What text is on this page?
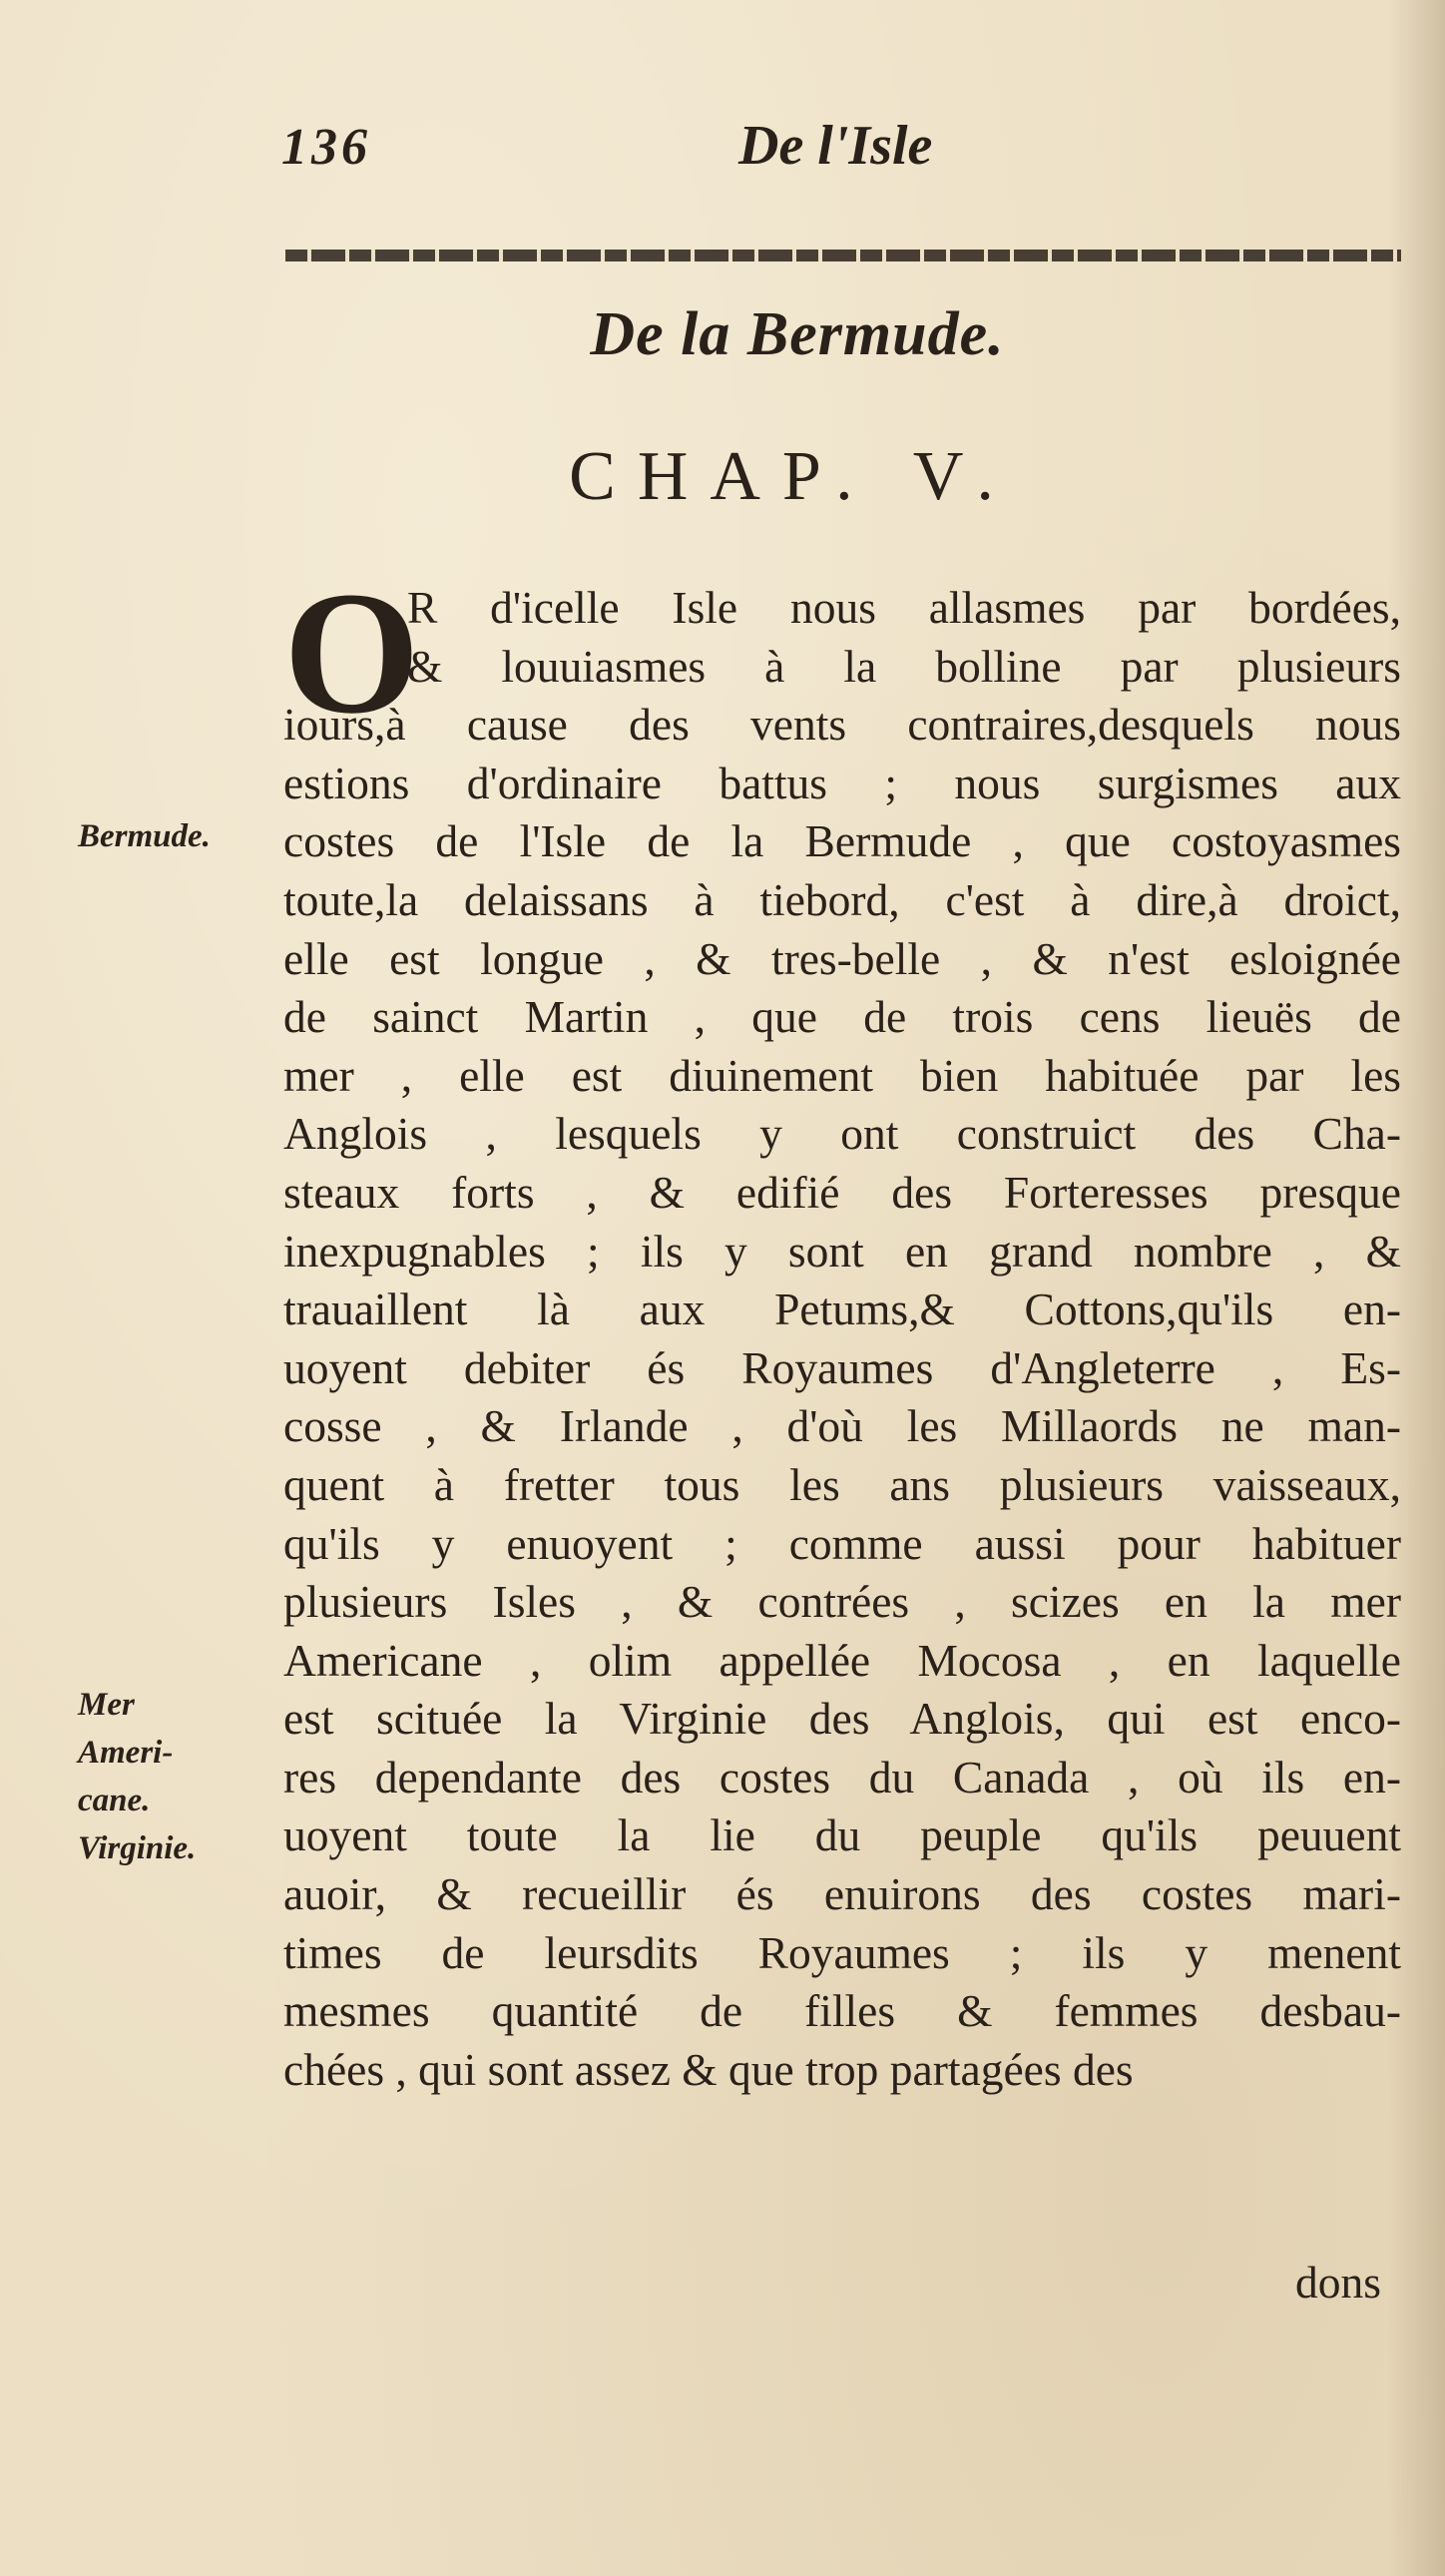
136	De l'Isle
De la Bermude.
CHAP. V.
O
R d'icelle Isle nous allasmes par bordées,
& louuiasmes à la bolline par plusieurs
iours,à cause des vents contraires,desquels nous
estions d'ordinaire battus ; nous surgismes aux
costes de l'Isle de la Bermude , que costoyasmes
toute,la delaissans à tiebord, c'est à dire,à droict,
elle est longue , & tres-belle , & n'est esloignée
de sainct Martin , que de trois cens lieuës de
mer , elle est diuinement bien habituée par les
Anglois , lesquels y ont construict des Cha-
steaux forts , & edifié des Forteresses presque
inexpugnables ; ils y sont en grand nombre , &
trauaillent là aux Petums,& Cottons,qu'ils en-
uoyent debiter és Royaumes d'Angleterre , Es-
cosse , & Irlande , d'où les Millaords ne man-
quent à fretter tous les ans plusieurs vaisseaux,
qu'ils y enuoyent ; comme aussi pour habituer
plusieurs Isles , & contrées , scizes en la mer
Americane , olim appellée Mocosa , en laquelle
est scituée la Virginie des Anglois, qui est enco-
res dependante des costes du Canada , où ils en-
uoyent toute la lie du peuple qu'ils peuuent
auoir, & recueillir és enuirons des costes mari-
times de leursdits Royaumes ; ils y menent
mesmes quantité de filles & femmes desbau-
chées , qui sont assez & que trop partagées des
dons
Bermude.
Mer
Ameri-
cane.
Virginie.
